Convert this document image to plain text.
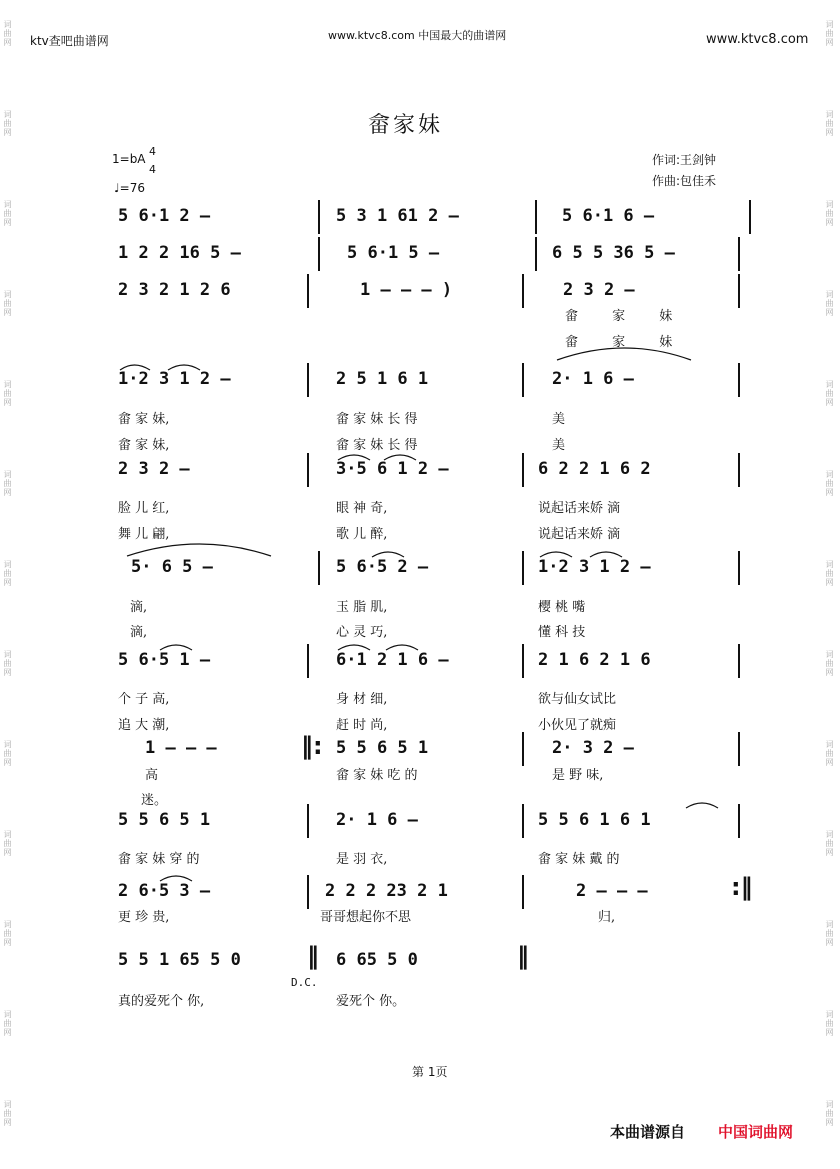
词曲网
词曲网
词曲网
词曲网
词曲网
词曲网
词曲网
词曲网
词曲网
词曲网
词曲网
词曲网
词曲网
词曲网
词曲网
词曲网
词曲网
词曲网
词曲网
词曲网
词曲网
词曲网
词曲网
词曲网
词曲网
词曲网
ktv查吧曲谱网	www.ktvc8.com 中国最大的曲谱网	www.ktvc8.com
畲家妹
1=bA
4
4
♩=76
作词:王剑钟
作曲:包佳禾
5 6·1 2 –	5 3 1 61 2 –	5 6·1 6 –
1 2 2 16 5 –	5 6·1 5 –	6 5 5 36 5 –
2 3 2 1 2 6	1 – – – )	2 3 2 –
畲 家 妹
畲 家 妹
1·2 3 1 2 –	2 5 1 6 1	2· 1 6 –
畲 家 妹,	畲 家 妹 长 得	美
畲 家 妹,	畲 家 妹 长 得	美
2 3 2 –	3·5 6 1 2 –	6 2 2 1 6 2
脸 儿 红,	眼 神 奇,	说起话来娇 滴
舞 儿 翩,	歌 儿 醉,	说起话来娇 滴
5· 6 5 –	5 6·5 2 –	1·2 3 1 2 –
滴,	玉 脂 肌,	樱 桃 嘴
滴,	心 灵 巧,	懂 科 技
5 6·5 1 –	6·1 2 1 6 –	2 1 6 2 1 6
个 子 高,	身 材 细,	欲与仙女试比
追 大 潮,	赶 时 尚,	小伙见了就痴
1 – – –	‖: 5 5 6 5 1	2· 3 2 –
高	畲 家 妹 吃 的	是 野 味,
迷。
5 5 6 5 1	2· 1 6 –	5 5 6 1 6 1
畲 家 妹 穿 的	是 羽 衣,	畲 家 妹 戴 的
2 6·5 3 –	2 2 2 23 2 1	2 – – –	:‖
更 珍 贵,	哥哥想起你不思	归,
5 5 1 65 5 0	‖ 6 65 5 0	‖
D.C.
真的爱死个 你,	爱死个 你。
第 1页
本曲谱源自 中国词曲网
